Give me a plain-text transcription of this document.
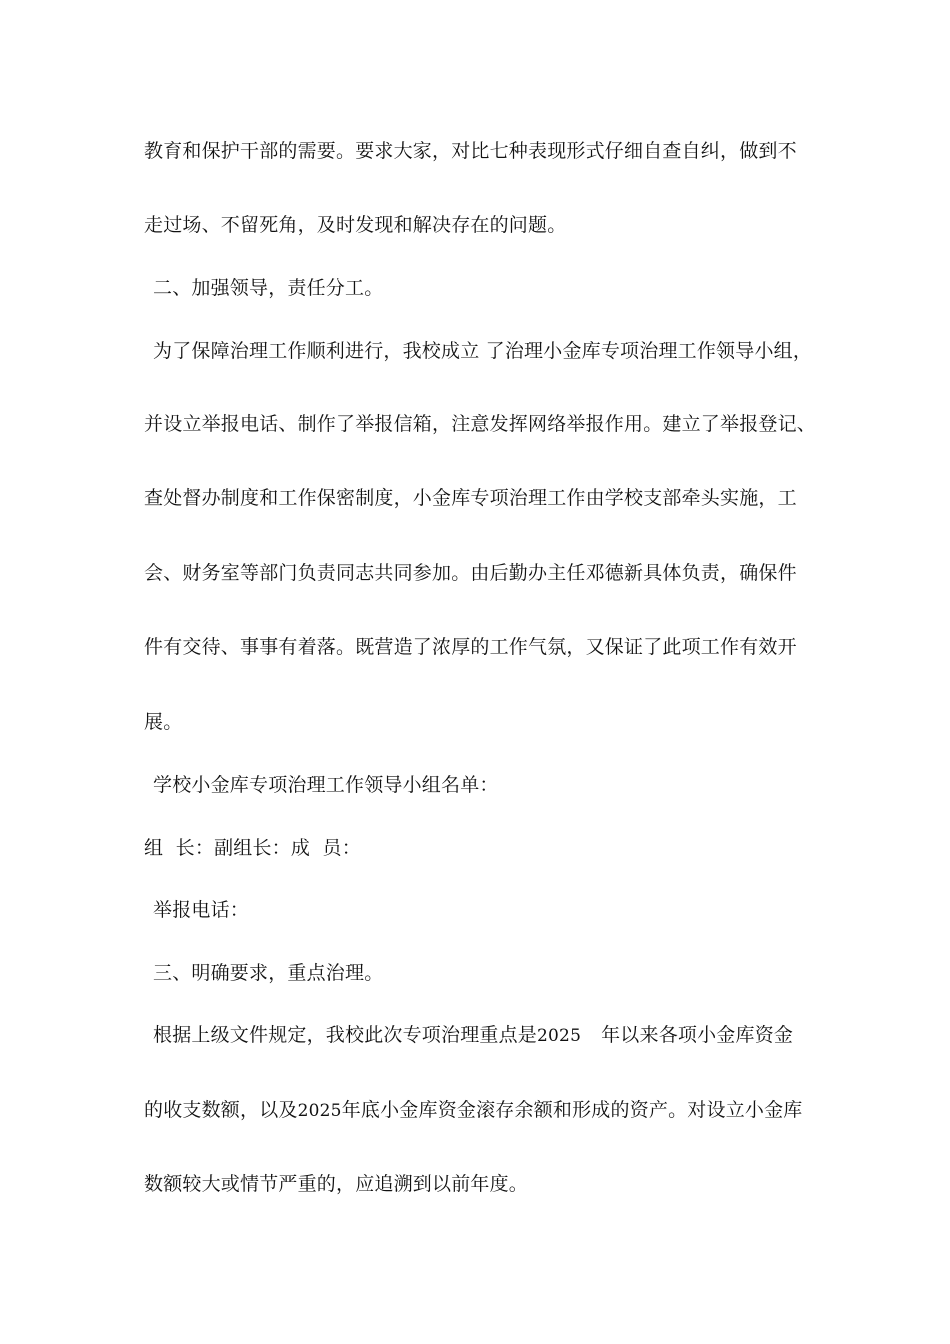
教育和保护干部的需要。要求大家，对比七种表现形式仔细自查自纠，做到不
走过场、不留死角，及时发现和解决存在的问题。
二、加强领导，责任分工。
为了保障治理工作顺利进行，我校成立 了治理小金库专项治理工作领导小组，
并设立举报电话、制作了举报信箱，注意发挥网络举报作用。建立了举报登记、
查处督办制度和工作保密制度，小金库专项治理工作由学校支部牵头实施，工
会、财务室等部门负责同志共同参加。由后勤办主任邓德新具体负责，确保件
件有交待、事事有着落。既营造了浓厚的工作气氛，又保证了此项工作有效开
展。
学校小金库专项治理工作领导小组名单：
组  长：副组长：成  员：
举报电话：
三、明确要求，重点治理。
根据上级文件规定，我校此次专项治理重点是2025 年以来各项小金库资金
的收支数额，以及2025年底小金库资金滚存余额和形成的资产。对设立小金库
数额较大或情节严重的，应追溯到以前年度。
